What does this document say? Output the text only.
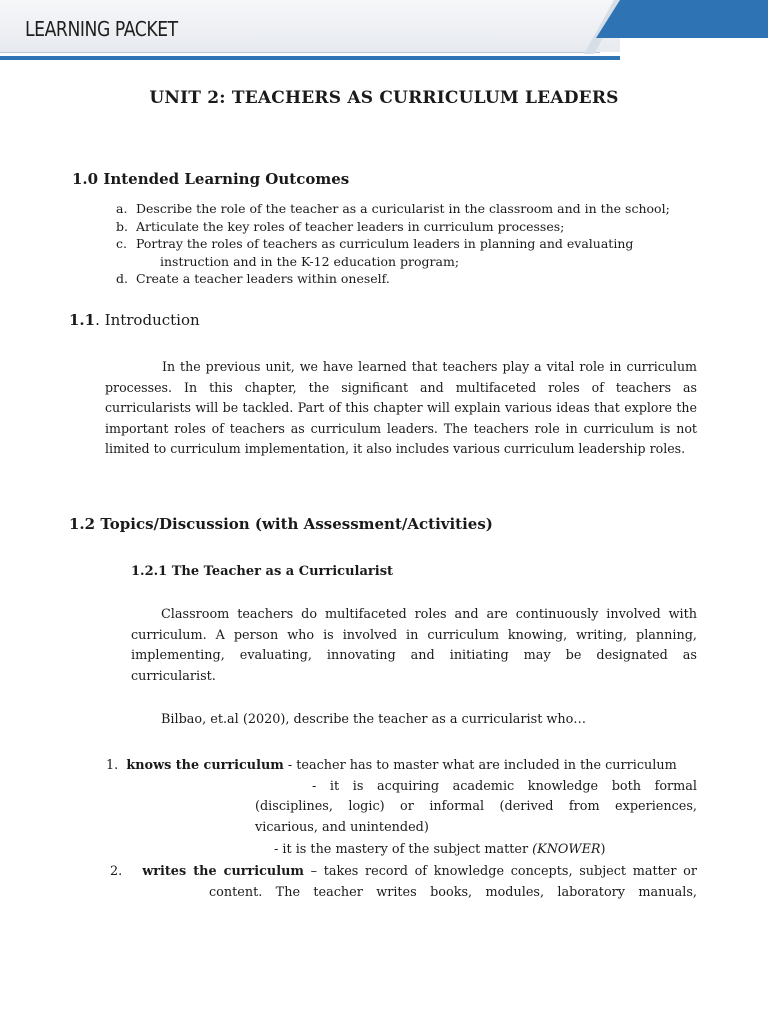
LEARNING PACKET
UNIT 2: TEACHERS AS CURRICULUM LEADERS
1.0 Intended Learning Outcomes
a. Describe the role of the teacher as a curicularist in the classroom and in the school;
b. Articulate the key roles of teacher leaders in curriculum processes;
c. Portray the roles of teachers as curriculum leaders in planning and evaluating
instruction and in the K-12 education program;
d. Create a teacher leaders within oneself.
1.1. Introduction
In the previous unit, we have learned that teachers play a vital role in curriculum processes. In this chapter, the significant and multifaceted roles of teachers as curricularists will be tackled. Part of this chapter will explain various ideas that explore the important roles of teachers as curriculum leaders. The teachers role in curriculum is not limited to curriculum implementation, it also includes various curriculum leadership roles.
1.2 Topics/Discussion (with Assessment/Activities)
1.2.1 The Teacher as a Curricularist
Classroom teachers do multifaceted roles and are continuously involved with curriculum. A person who is involved in curriculum knowing, writing, planning, implementing, evaluating, innovating and initiating may be designated as curricularist.
Bilbao, et.al (2020), describe the teacher as a curricularist who…
1. knows the curriculum - teacher has to master what are included in the curriculum
- it is acquiring academic knowledge both formal
(disciplines, logic) or informal (derived from experiences,
vicarious, and unintended)
- it is the mastery of the subject matter (KNOWER)
2. writes the curriculum – takes record of knowledge concepts, subject matter or
content. The teacher writes books, modules, laboratory manuals,
